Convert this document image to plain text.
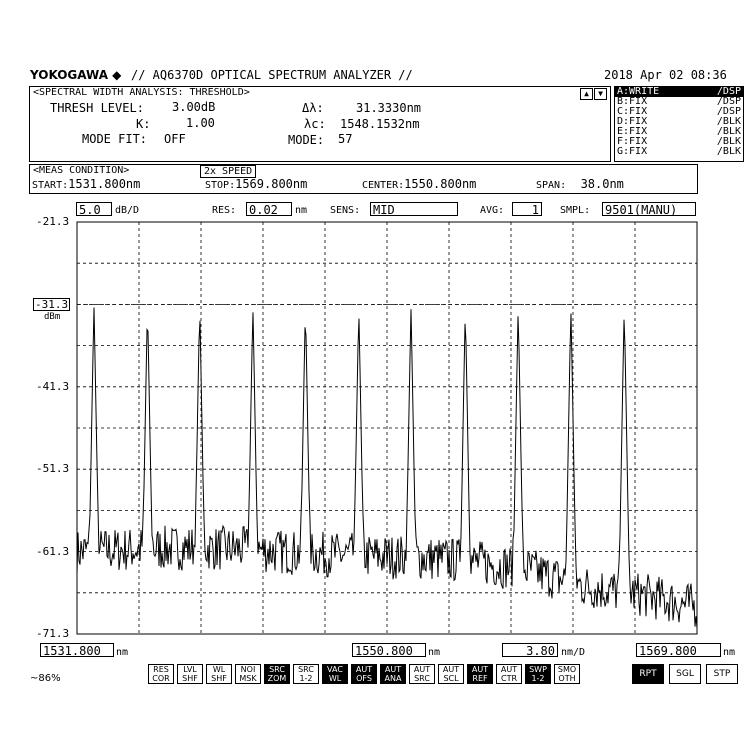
YOKOGAWA ◆ // AQ6370D OPTICAL SPECTRUM ANALYZER //	2018 Apr 02 08:36
<SPECTRAL WIDTH ANALYSIS: THRESHOLD>	▲	▼
THRESH LEVEL: 3.00dB
K:	1.00
MODE FIT: OFF
Δλ:	31.3330nm
λc: 1548.1532nm
MODE: 57
A:WRITE	/DSP
B:FIX	/DSP
C:FIX	/DSP
D:FIX	/BLK
E:FIX	/BLK
F:FIX	/BLK
G:FIX	/BLK
<MEAS CONDITION>	2x SPEED
START:1531.800nm	STOP:1569.800nm	CENTER:1550.800nm	SPAN: 38.0nm
5.0	dB/D	RES: 0.02	nm SENS: MID	AVG:	1	SMPL: 9501(MANU)
-21.3
-31.3
-41.3
-51.3
-61.3
-71.3
dBm
1531.800	nm	1550.800	nm	3.80 nm/D	1569.800	nm
RES
COR
LVL
SHF
WL
SHF
NOI
MSK
SRC
ZOM
SRC
1-2
VAC
WL
AUT
OFS
AUT
ANA
AUT
SRC
AUT
SCL
AUT
REF
AUT
CTR
SWP
1-2
SMO
OTH	RPT	SGL	STP
~86%
